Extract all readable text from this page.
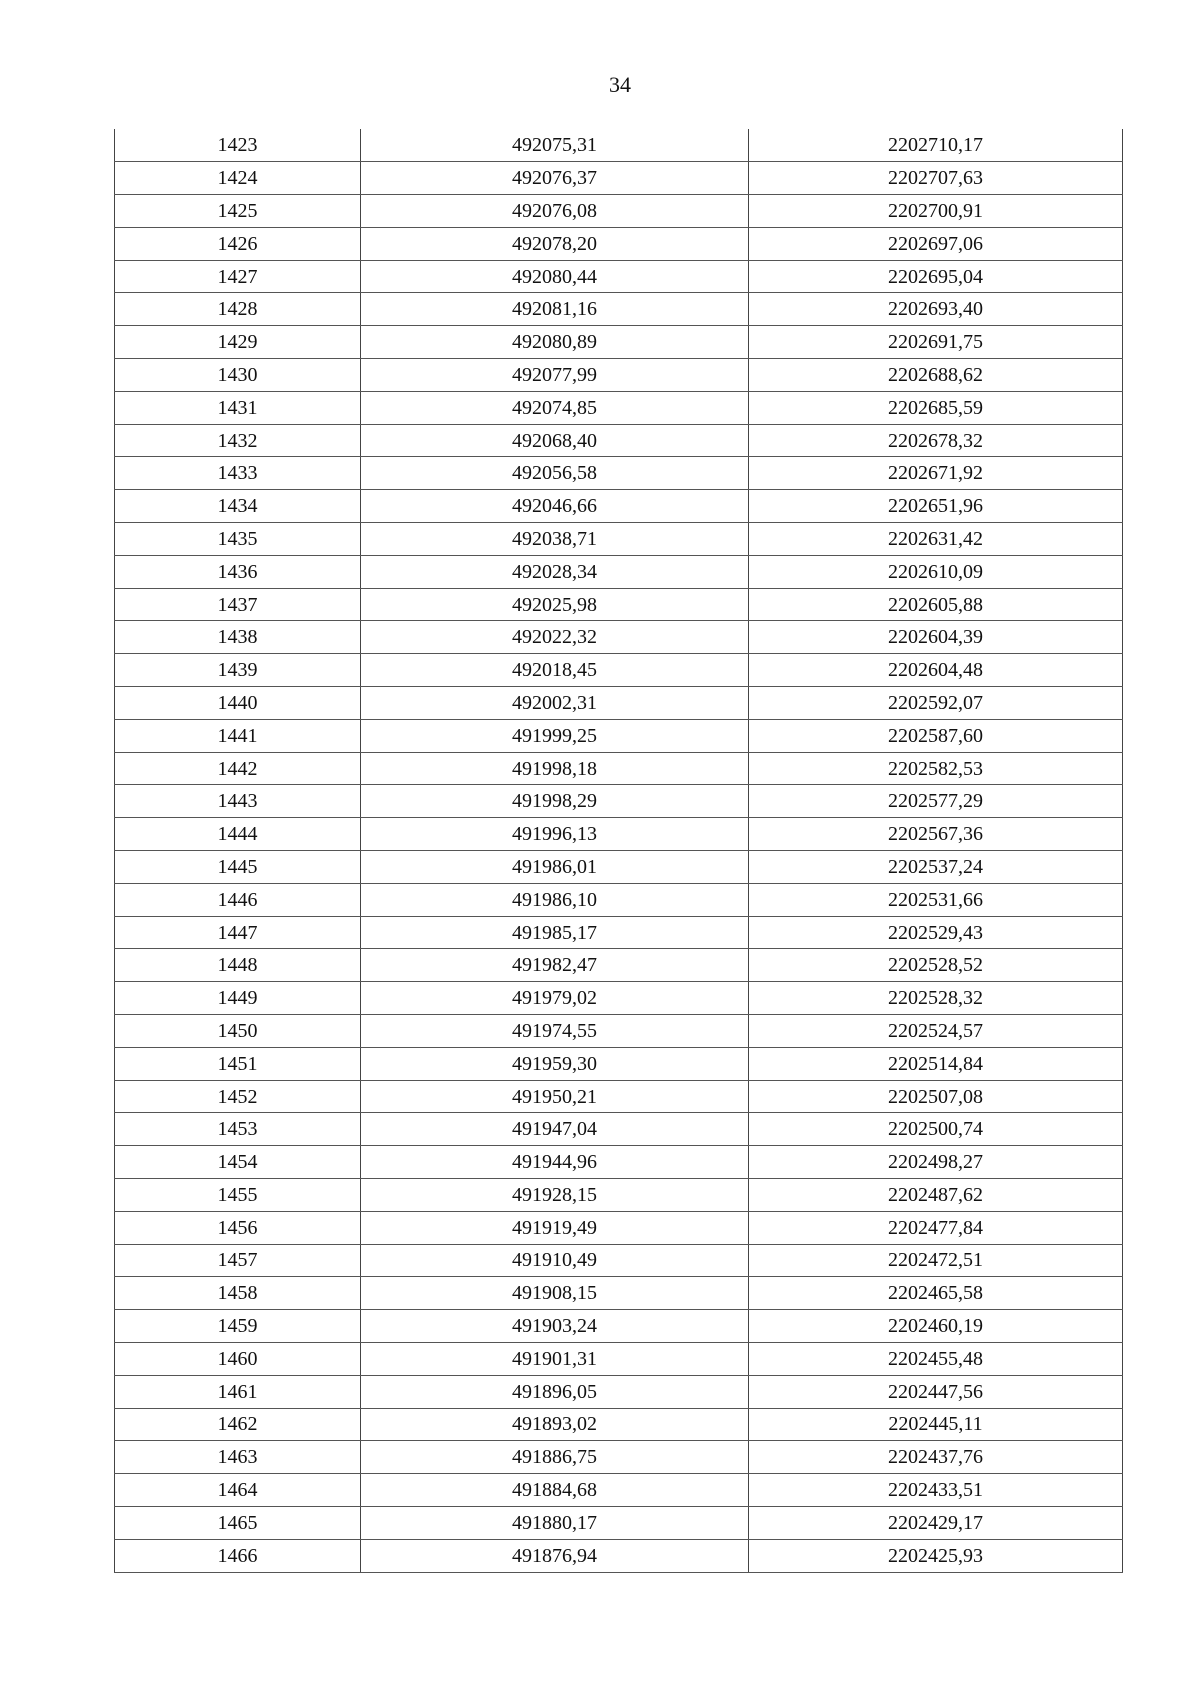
34
1423	492075,31	2202710,17
1424	492076,37	2202707,63
1425	492076,08	2202700,91
1426	492078,20	2202697,06
1427	492080,44	2202695,04
1428	492081,16	2202693,40
1429	492080,89	2202691,75
1430	492077,99	2202688,62
1431	492074,85	2202685,59
1432	492068,40	2202678,32
1433	492056,58	2202671,92
1434	492046,66	2202651,96
1435	492038,71	2202631,42
1436	492028,34	2202610,09
1437	492025,98	2202605,88
1438	492022,32	2202604,39
1439	492018,45	2202604,48
1440	492002,31	2202592,07
1441	491999,25	2202587,60
1442	491998,18	2202582,53
1443	491998,29	2202577,29
1444	491996,13	2202567,36
1445	491986,01	2202537,24
1446	491986,10	2202531,66
1447	491985,17	2202529,43
1448	491982,47	2202528,52
1449	491979,02	2202528,32
1450	491974,55	2202524,57
1451	491959,30	2202514,84
1452	491950,21	2202507,08
1453	491947,04	2202500,74
1454	491944,96	2202498,27
1455	491928,15	2202487,62
1456	491919,49	2202477,84
1457	491910,49	2202472,51
1458	491908,15	2202465,58
1459	491903,24	2202460,19
1460	491901,31	2202455,48
1461	491896,05	2202447,56
1462	491893,02	2202445,11
1463	491886,75	2202437,76
1464	491884,68	2202433,51
1465	491880,17	2202429,17
1466	491876,94	2202425,93
